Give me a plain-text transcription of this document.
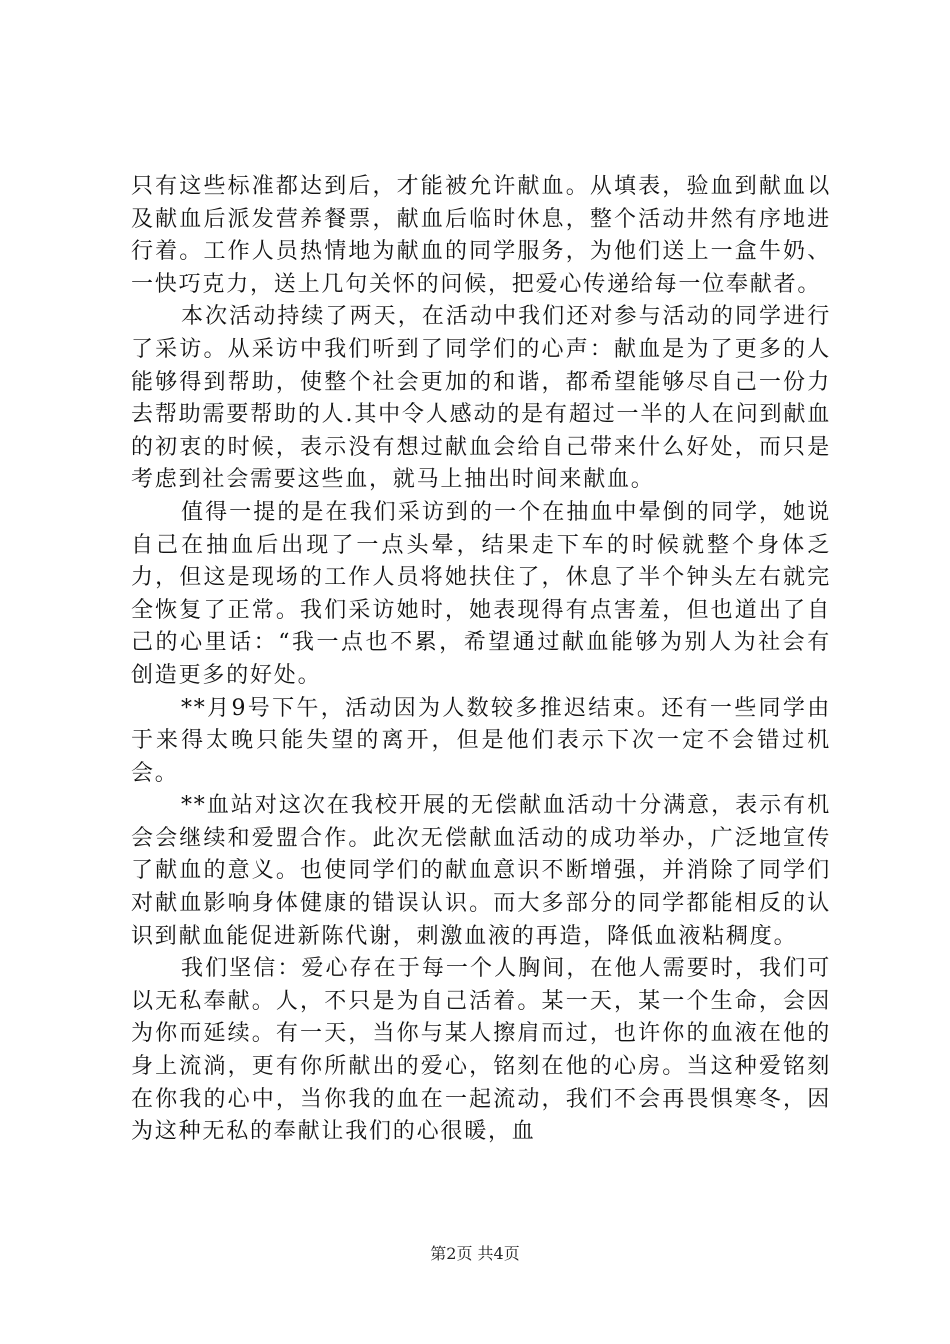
只有这些标准都达到后，才能被允许献血。从填表，验血到献血以及献血后派发营养餐票，献血后临时休息，整个活动井然有序地进行着。工作人员热情地为献血的同学服务，为他们送上一盒牛奶、一快巧克力，送上几句关怀的问候，把爱心传递给每一位奉献者。

本次活动持续了两天，在活动中我们还对参与活动的同学进行了采访。从采访中我们听到了同学们的心声：献血是为了更多的人能够得到帮助，使整个社会更加的和谐，都希望能够尽自己一份力去帮助需要帮助的人.其中令人感动的是有超过一半的人在问到献血的初衷的时候，表示没有想过献血会给自己带来什么好处，而只是考虑到社会需要这些血，就马上抽出时间来献血。

值得一提的是在我们采访到的一个在抽血中晕倒的同学，她说自己在抽血后出现了一点头晕，结果走下车的时候就整个身体乏力，但这是现场的工作人员将她扶住了，休息了半个钟头左右就完全恢复了正常。我们采访她时，她表现得有点害羞，但也道出了自己的心里话：“我一点也不累，希望通过献血能够为别人为社会有创造更多的好处。

**月9号下午，活动因为人数较多推迟结束。还有一些同学由于来得太晚只能失望的离开，但是他们表示下次一定不会错过机会。

**血站对这次在我校开展的无偿献血活动十分满意，表示有机会会继续和爱盟合作。此次无偿献血活动的成功举办，广泛地宣传了献血的意义。也使同学们的献血意识不断增强，并消除了同学们对献血影响身体健康的错误认识。而大多部分的同学都能相反的认识到献血能促进新陈代谢，刺激血液的再造，降低血液粘稠度。

我们坚信：爱心存在于每一个人胸间，在他人需要时，我们可以无私奉献。人，不只是为自己活着。某一天，某一个生命，会因为你而延续。有一天，当你与某人擦肩而过，也许你的血液在他的身上流淌，更有你所献出的爱心，铭刻在他的心房。当这种爱铭刻在你我的心中，当你我的血在一起流动，我们不会再畏惧寒冬，因为这种无私的奉献让我们的心很暖，血

第2页 共4页
